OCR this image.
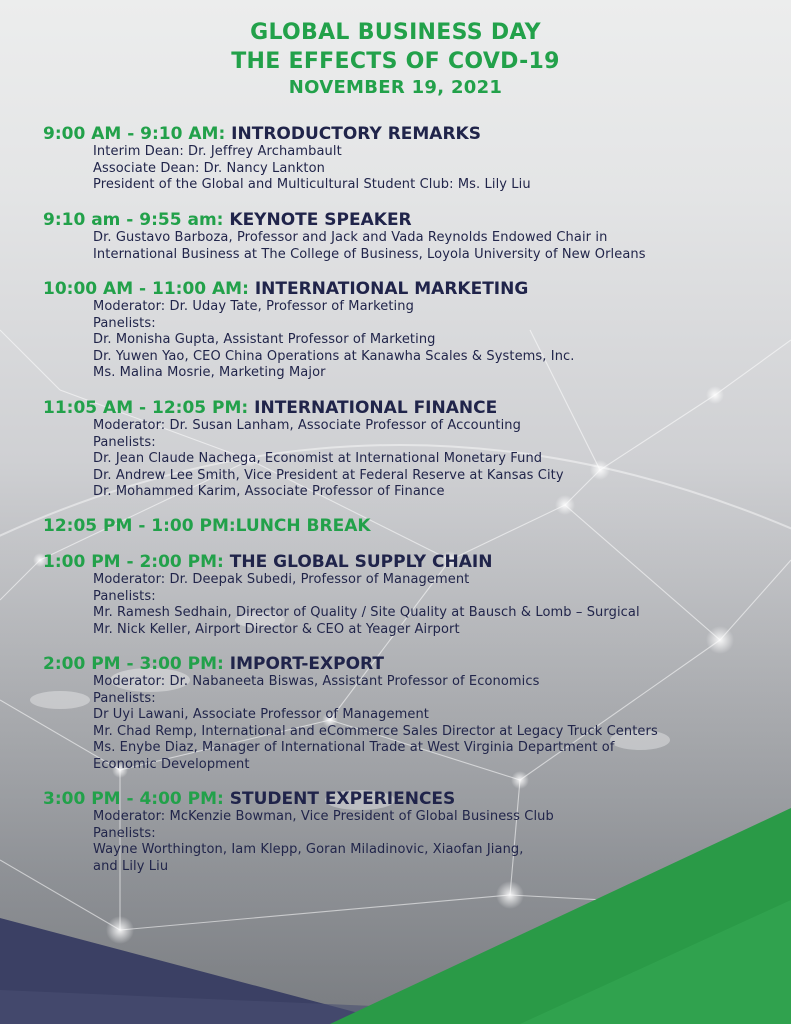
GLOBAL BUSINESS DAY
THE EFFECTS OF COVD-19
NOVEMBER 19, 2021
9:00 AM - 9:10 AM: INTRODUCTORY REMARKS
Interim Dean: Dr. Jeffrey Archambault
Associate Dean: Dr. Nancy Lankton
President of the Global and Multicultural Student Club: Ms. Lily Liu
9:10 am - 9:55 am: KEYNOTE SPEAKER
Dr. Gustavo Barboza, Professor and Jack and Vada Reynolds Endowed Chair in
International Business at The College of Business, Loyola University of New Orleans
10:00 AM - 11:00 AM: INTERNATIONAL MARKETING
Moderator: Dr. Uday Tate, Professor of Marketing
Panelists:
Dr. Monisha Gupta, Assistant Professor of Marketing
Dr. Yuwen Yao, CEO China Operations at Kanawha Scales & Systems, Inc.
Ms. Malina Mosrie, Marketing Major
11:05 AM - 12:05 PM: INTERNATIONAL FINANCE
Moderator: Dr. Susan Lanham, Associate Professor of Accounting
Panelists:
Dr. Jean Claude Nachega, Economist at International Monetary Fund
Dr. Andrew Lee Smith, Vice President at Federal Reserve at Kansas City
Dr. Mohammed Karim, Associate Professor of Finance
12:05 PM - 1:00 PM:LUNCH BREAK
1:00 PM - 2:00 PM: THE GLOBAL SUPPLY CHAIN
Moderator: Dr. Deepak Subedi, Professor of Management
Panelists:
Mr. Ramesh Sedhain, Director of Quality / Site Quality at Bausch & Lomb – Surgical
Mr. Nick Keller, Airport Director & CEO at Yeager Airport
2:00 PM - 3:00 PM: IMPORT-EXPORT
Moderator: Dr. Nabaneeta Biswas, Assistant Professor of Economics
Panelists:
Dr Uyi Lawani, Associate Professor of Management
Mr. Chad Remp, International and eCommerce Sales Director at Legacy Truck Centers
Ms. Enybe Diaz, Manager of International Trade at West Virginia Department of
Economic Development
3:00 PM - 4:00 PM: STUDENT EXPERIENCES
Moderator: McKenzie Bowman, Vice President of Global Business Club
Panelists:
Wayne Worthington, Iam Klepp, Goran Miladinovic, Xiaofan Jiang,
and Lily Liu
